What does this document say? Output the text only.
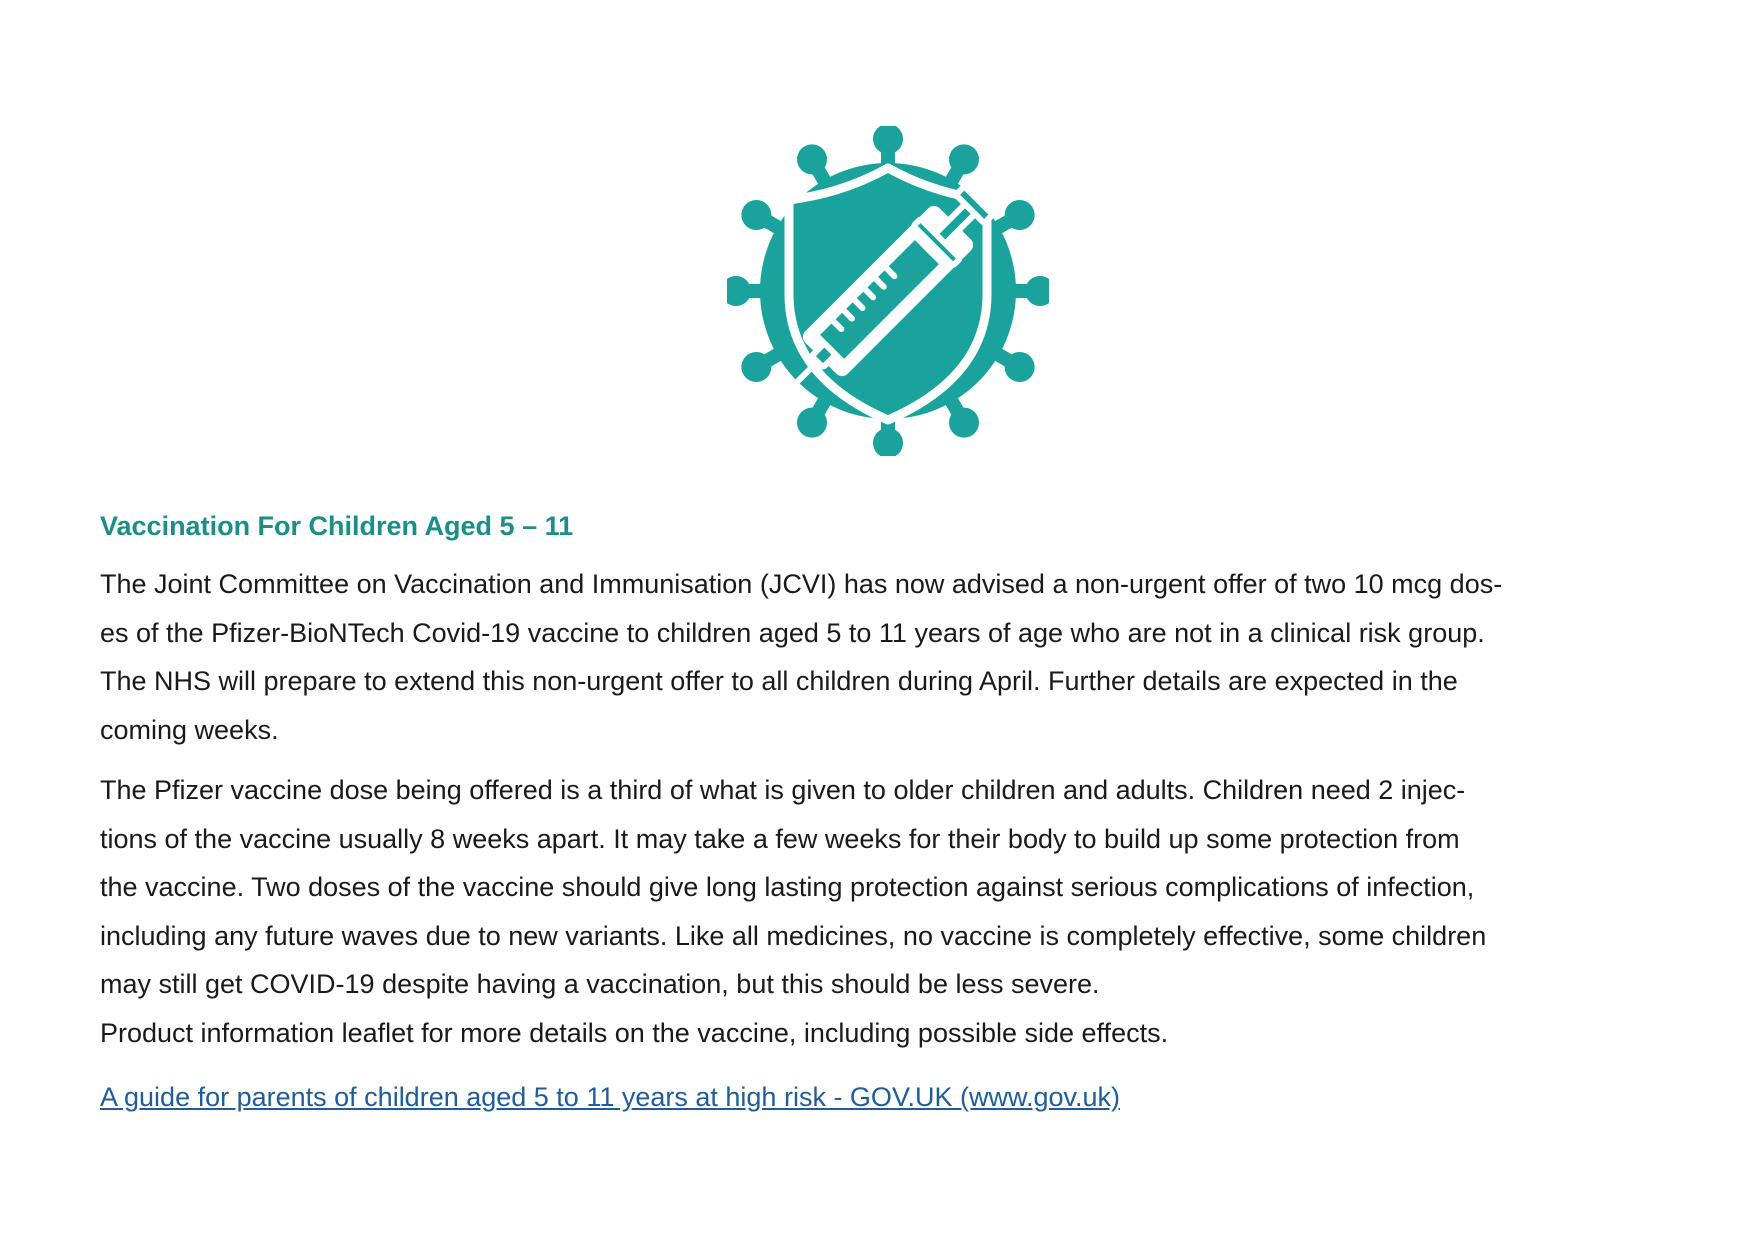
Vaccination For Children Aged 5 – 11

The Joint Committee on Vaccination and Immunisation (JCVI) has now advised a non-urgent offer of two 10 mcg dos-
es of the Pfizer-BioNTech Covid-19 vaccine to children aged 5 to 11 years of age who are not in a clinical risk group.
The NHS will prepare to extend this non-urgent offer to all children during April. Further details are expected in the
coming weeks.

The Pfizer vaccine dose being offered is a third of what is given to older children and adults. Children need 2 injec-
tions of the vaccine usually 8 weeks apart. It may take a few weeks for their body to build up some protection from
the vaccine. Two doses of the vaccine should give long lasting protection against serious complications of infection,
including any future waves due to new variants. Like all medicines, no vaccine is completely effective, some children
may still get COVID-19 despite having a vaccination, but this should be less severe.
Product information leaflet for more details on the vaccine, including possible side effects.

A guide for parents of children aged 5 to 11 years at high risk - GOV.UK (www.gov.uk)
